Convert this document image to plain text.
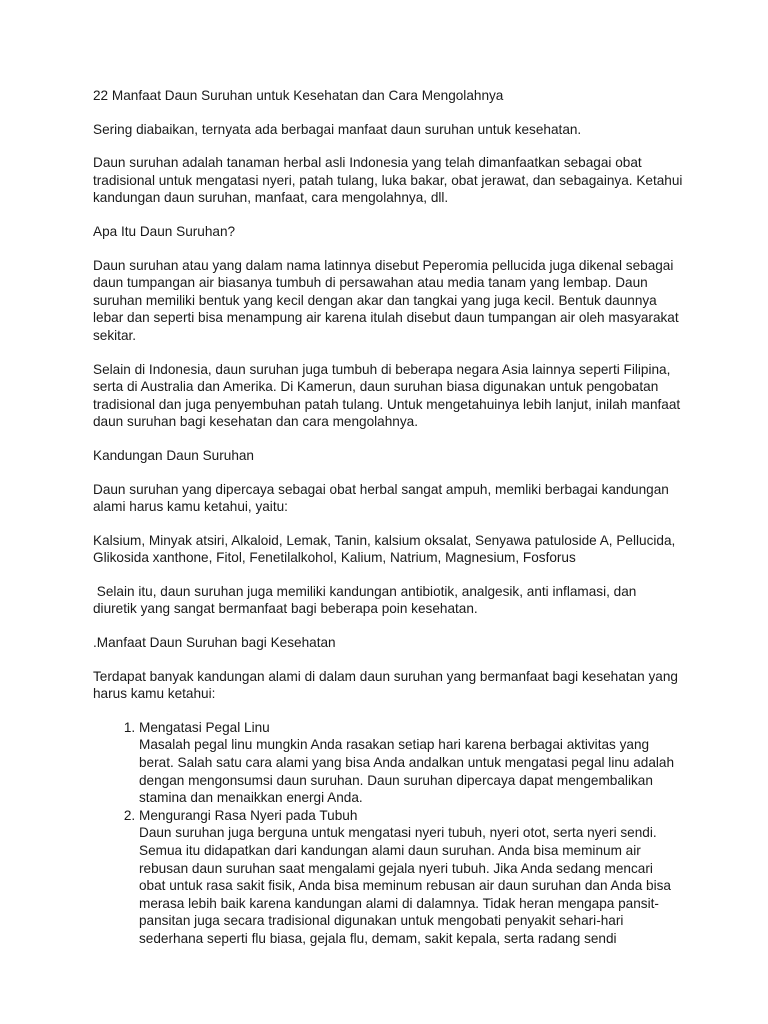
22 Manfaat Daun Suruhan untuk Kesehatan dan Cara Mengolahnya

Sering diabaikan, ternyata ada berbagai manfaat daun suruhan untuk kesehatan.

Daun suruhan adalah tanaman herbal asli Indonesia yang telah dimanfaatkan sebagai obat tradisional untuk mengatasi nyeri, patah tulang, luka bakar, obat jerawat, dan sebagainya. Ketahui kandungan daun suruhan, manfaat, cara mengolahnya, dll.

Apa Itu Daun Suruhan?

Daun suruhan atau yang dalam nama latinnya disebut Peperomia pellucida juga dikenal sebagai daun tumpangan air biasanya tumbuh di persawahan atau media tanam yang lembap. Daun suruhan memiliki bentuk yang kecil dengan akar dan tangkai yang juga kecil. Bentuk daunnya lebar dan seperti bisa menampung air karena itulah disebut daun tumpangan air oleh masyarakat sekitar.

Selain di Indonesia, daun suruhan juga tumbuh di beberapa negara Asia lainnya seperti Filipina, serta di Australia dan Amerika. Di Kamerun, daun suruhan biasa digunakan untuk pengobatan tradisional dan juga penyembuhan patah tulang. Untuk mengetahuinya lebih lanjut, inilah manfaat daun suruhan bagi kesehatan dan cara mengolahnya.

Kandungan Daun Suruhan

Daun suruhan yang dipercaya sebagai obat herbal sangat ampuh, memliki berbagai kandungan alami harus kamu ketahui, yaitu:

Kalsium, Minyak atsiri, Alkaloid, Lemak, Tanin, kalsium oksalat, Senyawa patuloside A, Pellucida, Glikosida xanthone, Fitol, Fenetilalkohol, Kalium, Natrium, Magnesium, Fosforus

Selain itu, daun suruhan juga memiliki kandungan antibiotik, analgesik, anti inflamasi, dan diuretik yang sangat bermanfaat bagi beberapa poin kesehatan.

.Manfaat Daun Suruhan bagi Kesehatan

Terdapat banyak kandungan alami di dalam daun suruhan yang bermanfaat bagi kesehatan yang harus kamu ketahui:

1. Mengatasi Pegal Linu
Masalah pegal linu mungkin Anda rasakan setiap hari karena berbagai aktivitas yang berat. Salah satu cara alami yang bisa Anda andalkan untuk mengatasi pegal linu adalah dengan mengonsumsi daun suruhan. Daun suruhan dipercaya dapat mengembalikan stamina dan menaikkan energi Anda.
2. Mengurangi Rasa Nyeri pada Tubuh
Daun suruhan juga berguna untuk mengatasi nyeri tubuh, nyeri otot, serta nyeri sendi. Semua itu didapatkan dari kandungan alami daun suruhan. Anda bisa meminum air rebusan daun suruhan saat mengalami gejala nyeri tubuh. Jika Anda sedang mencari obat untuk rasa sakit fisik, Anda bisa meminum rebusan air daun suruhan dan Anda bisa merasa lebih baik karena kandungan alami di dalamnya. Tidak heran mengapa pansit-pansitan juga secara tradisional digunakan untuk mengobati penyakit sehari-hari sederhana seperti flu biasa, gejala flu, demam, sakit kepala, serta radang sendi
